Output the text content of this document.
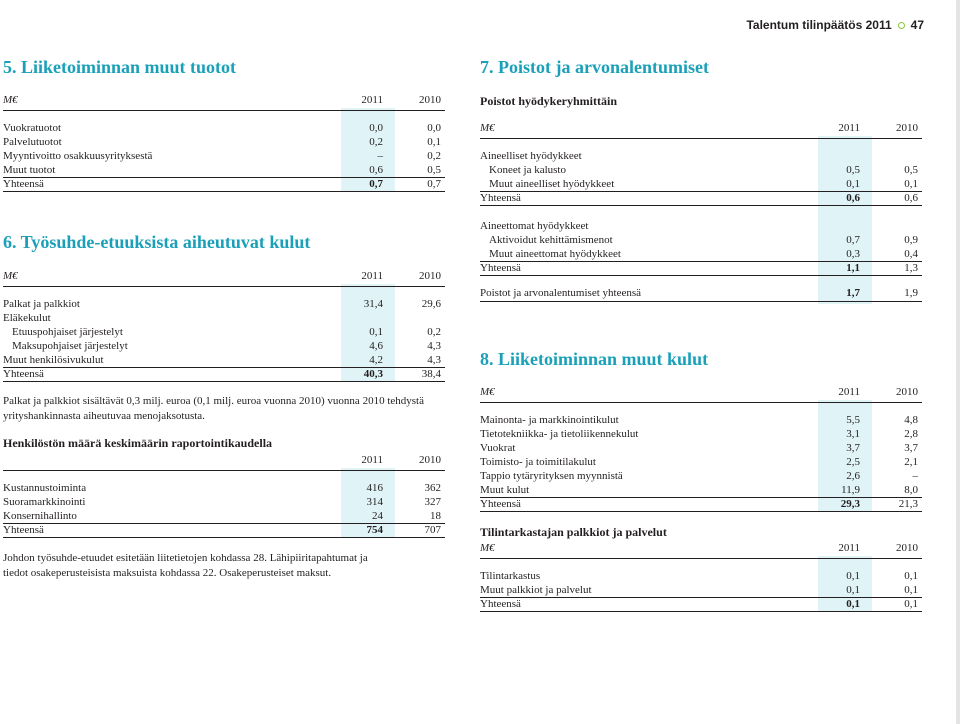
Talentum tilinpäätös 2011 47
5. Liiketoiminnan muut tuotot
M€	2011	2010
Vuokratuotot	0,0	0,0
Palvelutuotot	0,2	0,1
Myyntivoitto osakkuusyrityksestä	–	0,2
Muut tuotot	0,6	0,5
Yhteensä	0,7	0,7
6. Työsuhde-etuuksista aiheutuvat kulut
M€	2011	2010
Palkat ja palkkiot	31,4	29,6
Eläkekulut
Etuuspohjaiset järjestelyt	0,1	0,2
Maksupohjaiset järjestelyt	4,6	4,3
Muut henkilösivukulut	4,2	4,3
Yhteensä	40,3	38,4
Palkat ja palkkiot sisältävät 0,3 milj. euroa (0,1 milj. euroa vuonna 2010) vuonna 2010 tehdystä yrityshankinnasta aiheutuvaa menojaksotusta.
Henkilöstön määrä keskimäärin raportointikaudella
2011	2010
Kustannustoiminta	416	362
Suoramarkkinointi	314	327
Konsernihallinto	24	18
Yhteensä	754	707
Johdon työsuhde-etuudet esitetään liitetietojen kohdassa 28. Lähipiiritapahtumat ja tiedot osakeperusteisista maksuista kohdassa 22. Osakeperusteiset maksut.
7. Poistot ja arvonalentumiset
Poistot hyödykeryhmittäin
M€	2011	2010
Aineelliset hyödykkeet
Koneet ja kalusto	0,5	0,5
Muut aineelliset hyödykkeet	0,1	0,1
Yhteensä	0,6	0,6
Aineettomat hyödykkeet
Aktivoidut kehittämismenot	0,7	0,9
Muut aineettomat hyödykkeet	0,3	0,4
Yhteensä	1,1	1,3
Poistot ja arvonalentumiset yhteensä	1,7	1,9
8. Liiketoiminnan muut kulut
M€	2011	2010
Mainonta- ja markkinointikulut	5,5	4,8
Tietotekniikka- ja tietoliikennekulut	3,1	2,8
Vuokrat	3,7	3,7
Toimisto- ja toimitilakulut	2,5	2,1
Tappio tytäryrityksen myynnistä	2,6	–
Muut kulut	11,9	8,0
Yhteensä	29,3	21,3
Tilintarkastajan palkkiot ja palvelut
M€	2011	2010
Tilintarkastus	0,1	0,1
Muut palkkiot ja palvelut	0,1	0,1
Yhteensä	0,1	0,1
